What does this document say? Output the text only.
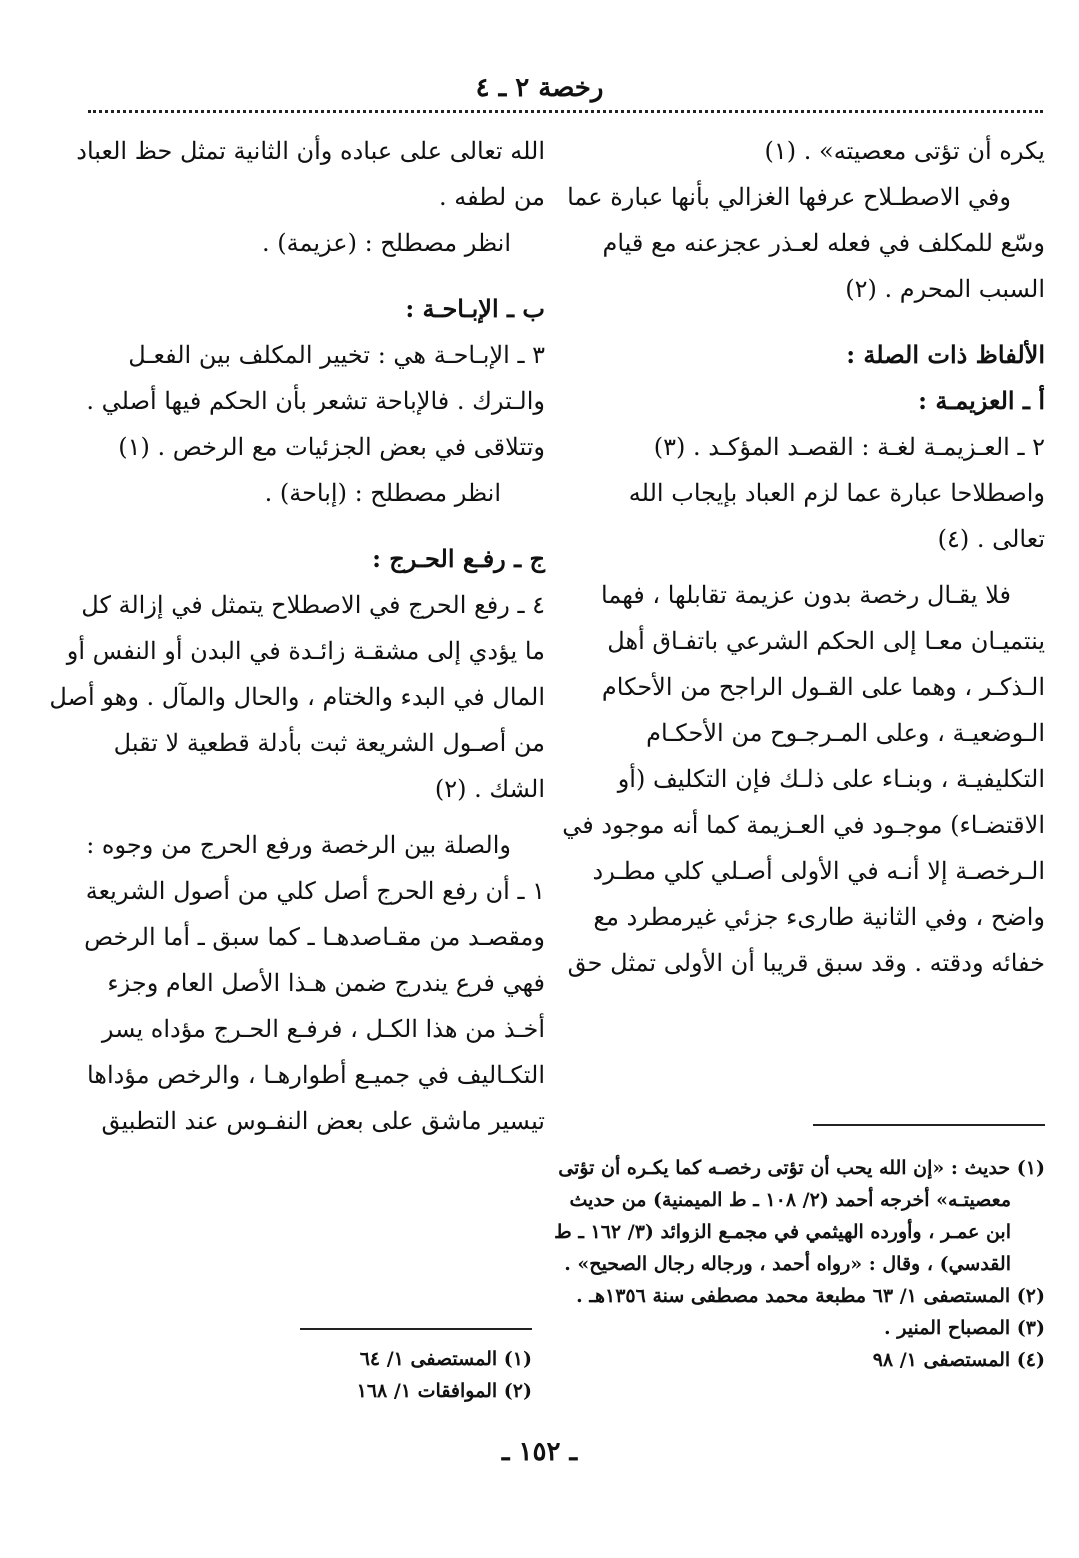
رخصة ٢ ـ ٤
يكره أن تؤتى معصيته» . (١)
وفي الاصطـلاح عرفها الغزالي بأنها عبارة عما
وسّع للمكلف في فعله لعـذر عجزعنه مع قيام
السبب المحرم . (٢)
الألفاظ ذات الصلة :
أ ـ العزيمـة :
٢ ـ العـزيمـة لغـة : القصـد المؤكـد . (٣)
واصطلاحا عبارة عما لزم العباد بإيجاب الله
تعالى . (٤)
فلا يقـال رخصة بدون عزيمة تقابلها ، فهما
ينتميـان معـا إلى الحكم الشرعي باتفـاق أهل
الـذكـر ، وهما على القـول الراجح من الأحكام
الـوضعيـة ، وعلى المـرجـوح من الأحكـام
التكليفيـة ، وبنـاء على ذلـك فإن التكليف (أو
الاقتضـاء) موجـود في العـزيمة كما أنه موجود في
الـرخصـة إلا أنـه في الأولى أصـلي كلي مطـرد
واضح ، وفي الثانية طارىء جزئي غيرمطرد مع
خفائه ودقته . وقد سبق قريبا أن الأولى تمثل حق
الله تعالى على عباده وأن الثانية تمثل حظ العباد
من لطفه .
انظر مصطلح : (عزيمة) .
ب ـ الإبـاحـة :
٣ ـ الإبـاحـة هي : تخيير المكلف بين الفعـل
والـترك . فالإباحة تشعر بأن الحكم فيها أصلي .
وتتلاقى في بعض الجزئيات مع الرخص . (١)
انظر مصطلح : (إباحة) .
ج ـ رفـع الحـرج :
٤ ـ رفع الحرج في الاصطلاح يتمثل في إزالة كل
ما يؤدي إلى مشقـة زائـدة في البدن أو النفس أو
المال في البدء والختام ، والحال والمآل . وهو أصل
من أصـول الشريعة ثبت بأدلة قطعية لا تقبل
الشك . (٢)
والصلة بين الرخصة ورفع الحرج من وجوه :
١ ـ أن رفع الحرج أصل كلي من أصول الشريعة
ومقصـد من مقـاصدهـا ـ كما سبق ـ أما الرخص
فهي فرع يندرج ضمن هـذا الأصل العام وجزء
أخـذ من هذا الكـل ، فرفـع الحـرج مؤداه يسر
التكـاليف في جميـع أطوارهـا ، والرخص مؤداها
تيسير ماشق على بعض النفـوس عند التطبيق
(١) حديث : «إن الله يحب أن تؤتى رخصـه كما يكـره أن تؤتى
معصيتـه» أخرجه أحمد (٢/ ١٠٨ ـ ط الميمنية) من حديث
ابن عمـر ، وأورده الهيثمي في مجمـع الزوائد (٣/ ١٦٢ ـ ط
القدسي) ، وقال : «رواه أحمد ، ورجاله رجال الصحيح» .
(٢) المستصفى ١/ ٦٣ مطبعة محمد مصطفى سنة ١٣٥٦هـ .
(٣) المصباح المنير .
(٤) المستصفى ١/ ٩٨
(١) المستصفى ١/ ٦٤
(٢) الموافقات ١/ ١٦٨
ـ ١٥٢ ـ
